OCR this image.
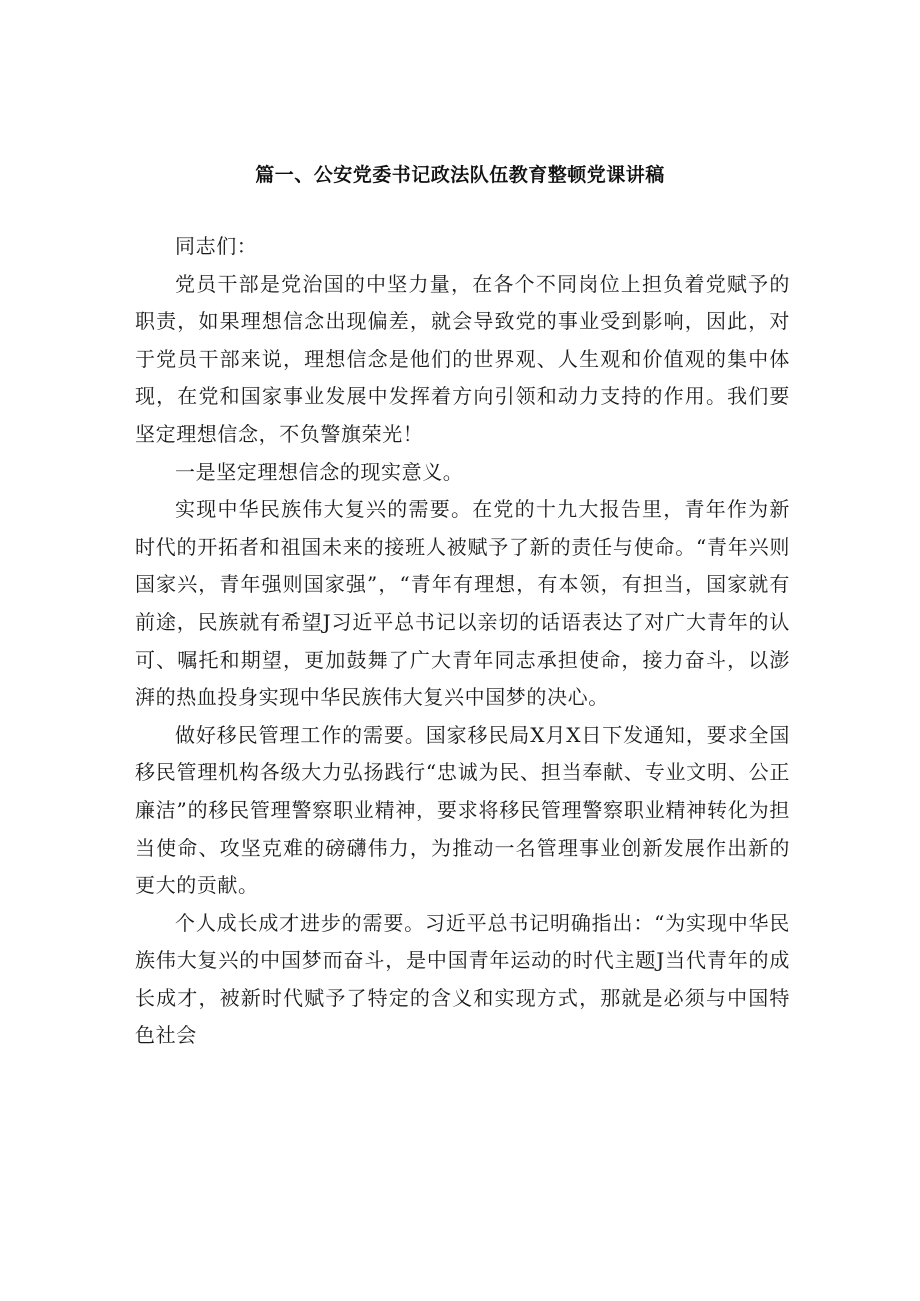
篇一、公安党委书记政法队伍教育整顿党课讲稿

同志们：

党员干部是党治国的中坚力量，在各个不同岗位上担负着党赋予的职责，如果理想信念出现偏差，就会导致党的事业受到影响，因此，对于党员干部来说，理想信念是他们的世界观、人生观和价值观的集中体现，在党和国家事业发展中发挥着方向引领和动力支持的作用。我们要坚定理想信念，不负警旗荣光！

一是坚定理想信念的现实意义。

实现中华民族伟大复兴的需要。在党的十九大报告里，青年作为新时代的开拓者和祖国未来的接班人被赋予了新的责任与使命。“青年兴则国家兴，青年强则国家强”，“青年有理想，有本领，有担当，国家就有前途，民族就有希望J习近平总书记以亲切的话语表达了对广大青年的认可、嘱托和期望，更加鼓舞了广大青年同志承担使命，接力奋斗，以澎湃的热血投身实现中华民族伟大复兴中国梦的决心。

做好移民管理工作的需要。国家移民局X月X日下发通知，要求全国移民管理机构各级大力弘扬践行“忠诚为民、担当奉献、专业文明、公正廉洁”的移民管理警察职业精神，要求将移民管理警察职业精神转化为担当使命、攻坚克难的磅礴伟力，为推动一名管理事业创新发展作出新的更大的贡献。

个人成长成才进步的需要。习近平总书记明确指出：“为实现中华民族伟大复兴的中国梦而奋斗，是中国青年运动的时代主题J当代青年的成长成才，被新时代赋予了特定的含义和实现方式，那就是必须与中国特色社会
